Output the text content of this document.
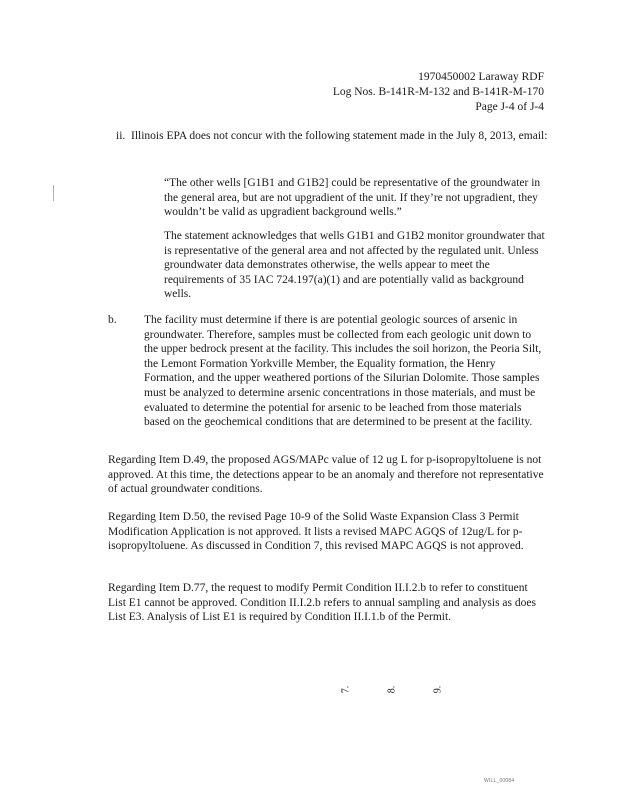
1970450002 Laraway RDF
Log Nos. B-141R-M-132 and B-141R-M-170
Page J-4 of J-4
ii. Illinois EPA does not concur with the following statement made in the July 8, 2013, email:
“The other wells [G1B1 and G1B2] could be representative of the groundwater in the general area, but are not upgradient of the unit. If they’re not upgradient, they wouldn’t be valid as upgradient background wells.”
The statement acknowledges that wells G1B1 and G1B2 monitor groundwater that is representative of the general area and not affected by the regulated unit. Unless groundwater data demonstrates otherwise, the wells appear to meet the requirements of 35 IAC 724.197(a)(1) and are potentially valid as background wells.
b. The facility must determine if there is are potential geologic sources of arsenic in groundwater. Therefore, samples must be collected from each geologic unit down to the upper bedrock present at the facility. This includes the soil horizon, the Peoria Silt, the Lemont Formation Yorkville Member, the Equality formation, the Henry Formation, and the upper weathered portions of the Silurian Dolomite. Those samples must be analyzed to determine arsenic concentrations in those materials, and must be evaluated to determine the potential for arsenic to be leached from those materials based on the geochemical conditions that are determined to be present at the facility.
Regarding Item D.49, the proposed AGS/MAPc value of 12 ug L for p-isopropyltoluene is not approved. At this time, the detections appear to be an anomaly and therefore not representative of actual groundwater conditions.
Regarding Item D.50, the revised Page 10-9 of the Solid Waste Expansion Class 3 Permit Modification Application is not approved. It lists a revised MAPC AGQS of 12ug/L for p-isopropyltoluene. As discussed in Condition 7, this revised MAPC AGQS is not approved.
Regarding Item D.77, the request to modify Permit Condition II.I.2.b to refer to constituent List E1 cannot be approved. Condition II.I.2.b refers to annual sampling and analysis as does List E3. Analysis of List E1 is required by Condition II.I.1.b of the Permit.
7.	8.	9.
WILL_00084
